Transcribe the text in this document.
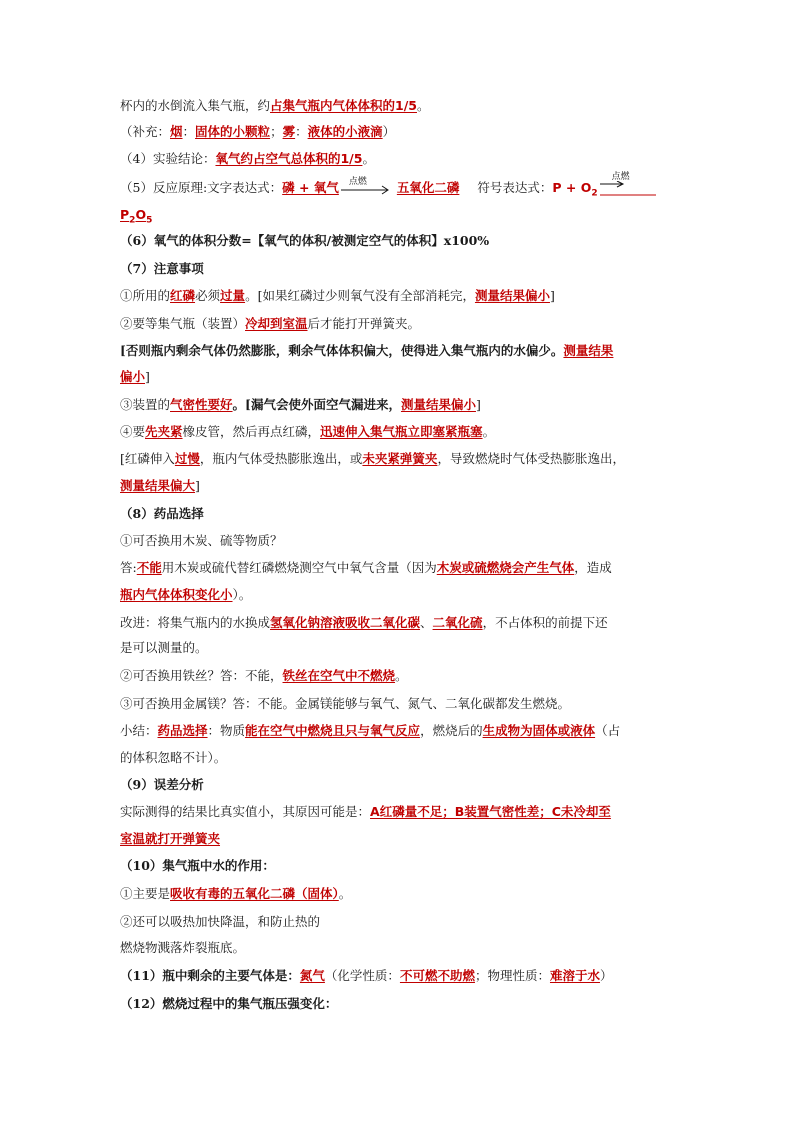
杯内的水倒流入集气瓶，约占集气瓶内气体体积的1/5。
（补充：烟：固体的小颗粒；雾：液体的小液滴）
（4）实验结论：氧气约占空气总体积的1/5。
（5）反应原理:文字表达式：磷 + 氧气 点燃 五氧化二磷 符号表达式：$P + O_2$
点燃
$P_2O_5$
（6）氧气的体积分数=【氧气的体积/被测定空气的体积】x100%
（7）注意事项
①所用的红磷必须过量。[如果红磷过少则氧气没有全部消耗完，测量结果偏小]
②要等集气瓶（装置）冷却到室温后才能打开弹簧夹。
[否则瓶内剩余气体仍然膨胀，剩余气体体积偏大，使得进入集气瓶内的水偏少。测量结果
偏小]
③装置的气密性要好。[漏气会使外面空气漏进来，测量结果偏小]
④要先夹紧橡皮管，然后再点红磷，迅速伸入集气瓶立即塞紧瓶塞。
[红磷伸入过慢，瓶内气体受热膨胀逸出，或未夹紧弹簧夹，导致燃烧时气体受热膨胀逸出，
测量结果偏大]
（8）药品选择
①可否换用木炭、硫等物质？
答:不能用木炭或硫代替红磷燃烧测空气中氧气含量（因为木炭或硫燃烧会产生气体，造成
瓶内气体体积变化小）。
改进：将集气瓶内的水换成氢氧化钠溶液吸收二氧化碳、二氧化硫，不占体积的前提下还
是可以测量的。
②可否换用铁丝？答：不能，铁丝在空气中不燃烧。
③可否换用金属镁？答：不能。金属镁能够与氧气、氮气、二氧化碳都发生燃烧。
小结：药品选择：物质能在空气中燃烧且只与氧气反应，燃烧后的生成物为固体或液体（占
的体积忽略不计）。
（9）误差分析
实际测得的结果比真实值小，其原因可能是：A红磷量不足；B装置气密性差；C未冷却至
室温就打开弹簧夹
（10）集气瓶中水的作用：
①主要是吸收有毒的五氧化二磷（固体）。
②还可以吸热加快降温，和防止热的
燃烧物溅落炸裂瓶底。
（11）瓶中剩余的主要气体是：氮气（化学性质：不可燃不助燃；物理性质：难溶于水）
（12）燃烧过程中的集气瓶压强变化：
